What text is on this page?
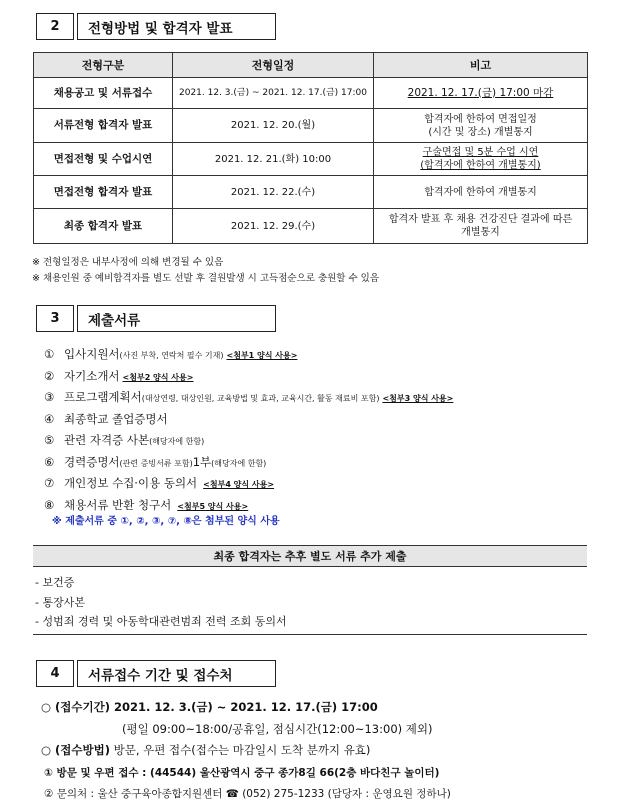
2	전형방법 및 합격자 발표
전형구분	전형일정	비고
채용공고 및 서류접수	2021. 12. 3.(금) ~ 2021. 12. 17.(금) 17:00	2021. 12. 17.(금) 17:00 마감
서류전형 합격자 발표	2021. 12. 20.(월)	합격자에 한하여 면접일정
(시간 및 장소) 개별통지

면접전형 및 수업시연	2021. 12. 21.(화) 10:00	구술면접 및 5분 수업 시연
(합격자에 한하여 개별통지)

면접전형 합격자 발표	2021. 12. 22.(수)	합격자에 한하여 개별통지

최종 합격자 발표	2021. 12. 29.(수)	합격자 발표 후 채용 건강진단 결과에 따른
개별통지
※ 전형일정은 내부사정에 의해 변경될 수 있음
※ 채용인원 중 예비합격자를 별도 선발 후 결원발생 시 고득점순으로 충원할 수 있음
3	제출서류
① 입사지원서 (사진 부착, 연락처 필수 기재) <첨부1 양식 사용>
② 자기소개서 <첨부2 양식 사용>
③ 프로그램계획서 (대상연령, 대상인원, 교육방법 및 효과, 교육시간, 활동 재료비 포함) <첨부3 양식 사용>
④ 최종학교 졸업증명서
⑤ 관련 자격증 사본 (해당자에 한함)
⑥ 경력증명서 (관련 증빙서류 포함) 1부 (해당자에 한함)
⑦ 개인정보 수집·이용 동의서 <첨부4 양식 사용>
⑧ 채용서류 반환 청구서 <첨부5 양식 사용>
※ 제출서류 중 ①, ②, ③, ⑦, ⑧은 첨부된 양식 사용
최종 합격자는 추후 별도 서류 추가 제출
- 보건증
- 통장사본
- 성범죄 경력 및 아동학대관련범죄 전력 조회 동의서
4	서류접수 기간 및 접수처
○ (접수기간) 2021. 12. 3.(금) ~ 2021. 12. 17.(금) 17:00
(평일 09:00~18:00/공휴일, 점심시간(12:00~13:00) 제외)
○ (접수방법) 방문, 우편 접수(접수는 마감일시 도착 분까지 유효)
① 방문 및 우편 접수 : (44544) 울산광역시 중구 종가8길 66(2층 바다친구 놀이터)
② 문의처 : 울산 중구육아종합지원센터 ☎ (052) 275-1233 (담당자 : 운영요원 정하나)
